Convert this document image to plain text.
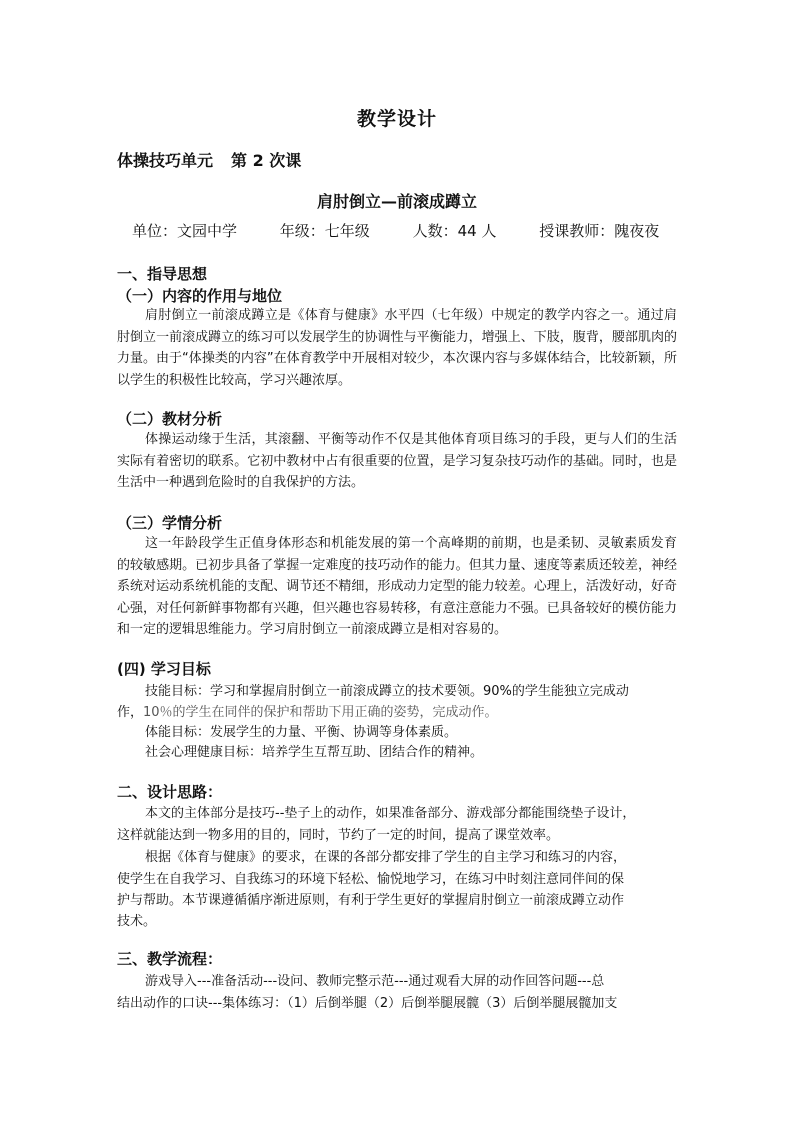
教学设计
体操技巧单元 第 2 次课
肩肘倒立—前滚成蹲立
单位：文园中学	年级：七年级	人数：44 人	授课教师：隗夜夜
一、指导思想
（一）内容的作用与地位
肩肘倒立一前滚成蹲立是《体育与健康》水平四（七年级）中规定的教学内容之一。通过肩肘倒立一前滚成蹲立的练习可以发展学生的协调性与平衡能力，增强上、下肢，腹背，腰部肌肉的力量。由于“体操类的内容”在体育教学中开展相对较少，本次课内容与多媒体结合，比较新颖，所以学生的积极性比较高，学习兴趣浓厚。
（二）教材分析
体操运动缘于生活，其滚翻、平衡等动作不仅是其他体育项目练习的手段，更与人们的生活实际有着密切的联系。它初中教材中占有很重要的位置，是学习复杂技巧动作的基础。同时，也是生活中一种遇到危险时的自我保护的方法。
（三）学情分析
这一年龄段学生正值身体形态和机能发展的第一个高峰期的前期，也是柔韧、灵敏素质发育的较敏感期。已初步具备了掌握一定难度的技巧动作的能力。但其力量、速度等素质还较差，神经系统对运动系统机能的支配、调节还不精细，形成动力定型的能力较差。心理上，活泼好动，好奇心强，对任何新鲜事物都有兴趣，但兴趣也容易转移，有意注意能力不强。已具备较好的模仿能力和一定的逻辑思维能力。学习肩肘倒立一前滚成蹲立是相对容易的。
(四) 学习目标
技能目标：学习和掌握肩肘倒立一前滚成蹲立的技术要领。90%的学生能独立完成动
作，10％的学生在同伴的保护和帮助下用正确的姿势，完成动作。
体能目标：发展学生的力量、平衡、协调等身体素质。
社会心理健康目标：培养学生互帮互助、团结合作的精神。
二、设计思路：
本文的主体部分是技巧--垫子上的动作，如果准备部分、游戏部分都能围绕垫子设计，
这样就能达到一物多用的目的，同时，节约了一定的时间，提高了课堂效率。
根据《体育与健康》的要求，在课的各部分都安排了学生的自主学习和练习的内容，
使学生在自我学习、自我练习的环境下轻松、愉悦地学习，在练习中时刻注意同伴间的保
护与帮助。本节课遵循循序渐进原则，有利于学生更好的掌握肩肘倒立一前滚成蹲立动作
技术。
三、教学流程：
游戏导入---准备活动---设问、教师完整示范---通过观看大屏的动作回答问题---总
结出动作的口诀---集体练习：（1）后倒举腿（2）后倒举腿展髋（3）后倒举腿展髋加支
